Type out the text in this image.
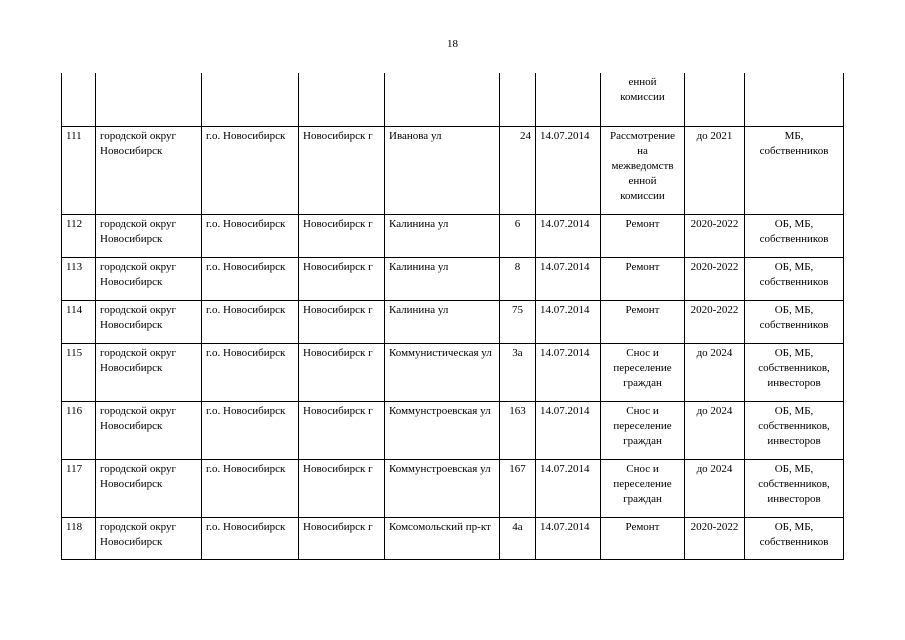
18
							енной комиссии		
111	городской округ Новосибирск	г.о. Новосибирск	Новосибирск г	Иванова ул	24	14.07.2014	Рассмотрение на межведомств енной комиссии	до 2021	МБ, собственников
112	городской округ Новосибирск	г.о. Новосибирск	Новосибирск г	Калинина ул	6	14.07.2014	Ремонт	2020-2022	ОБ, МБ, собственников
113	городской округ Новосибирск	г.о. Новосибирск	Новосибирск г	Калинина ул	8	14.07.2014	Ремонт	2020-2022	ОБ, МБ, собственников
114	городской округ Новосибирск	г.о. Новосибирск	Новосибирск г	Калинина ул	75	14.07.2014	Ремонт	2020-2022	ОБ, МБ, собственников
115	городской округ Новосибирск	г.о. Новосибирск	Новосибирск г	Коммунистическая ул	3а	14.07.2014	Снос и переселение граждан	до 2024	ОБ, МБ, собственников, инвесторов
116	городской округ Новосибирск	г.о. Новосибирск	Новосибирск г	Коммунстроевская ул	163	14.07.2014	Снос и переселение граждан	до 2024	ОБ, МБ, собственников, инвесторов
117	городской округ Новосибирск	г.о. Новосибирск	Новосибирск г	Коммунстроевская ул	167	14.07.2014	Снос и переселение граждан	до 2024	ОБ, МБ, собственников, инвесторов
118	городской округ Новосибирск	г.о. Новосибирск	Новосибирск г	Комсомольский пр-кт	4а	14.07.2014	Ремонт	2020-2022	ОБ, МБ, собственников
